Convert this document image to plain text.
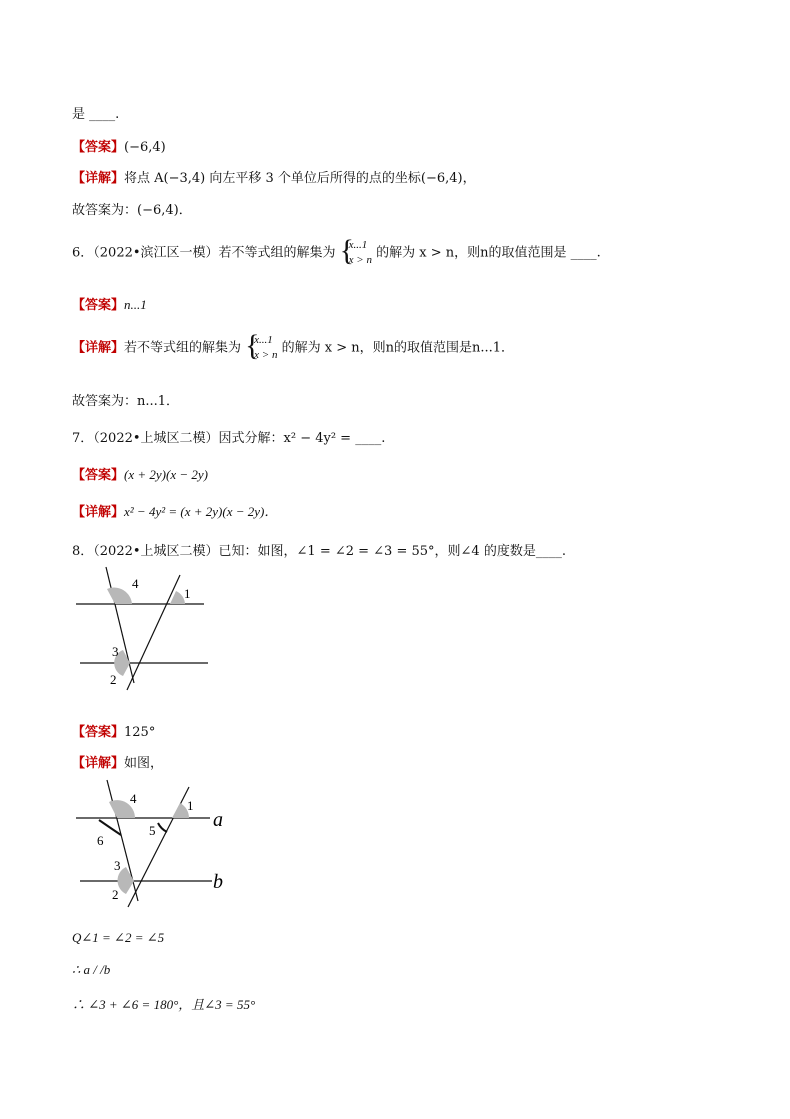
是 ____.
【答案】(−6,4)
【详解】将点 A(−3,4) 向左平移 3 个单位后所得的点的坐标(−6,4)，
故答案为：(−6,4)．
6．（2022•滨江区一模）若不等式组的解集为 {
x...1
x > n 的解为 x > n，则n的取值范围是 ____.
【答案】n...1
【详解】若不等式组的解集为 {
x...1
x > n 的解为 x > n，则n的取值范围是n...1．
故答案为：n...1．
7．（2022•上城区二模）因式分解：x² − 4y² = ____.
【答案】(x + 2y)(x − 2y)
【详解】x² − 4y² = (x + 2y)(x − 2y)．
8．（2022•上城区二模）已知：如图，∠1 = ∠2 = ∠3 = 55°，则∠4 的度数是____.
4
1
3
2
【答案】125°
【详解】如图，
4	1
6
5
3
2
a
b
Q∠1 = ∠2 = ∠5
∴ a / /b
∴ ∠3 + ∠6 = 180°，且∠3 = 55°
